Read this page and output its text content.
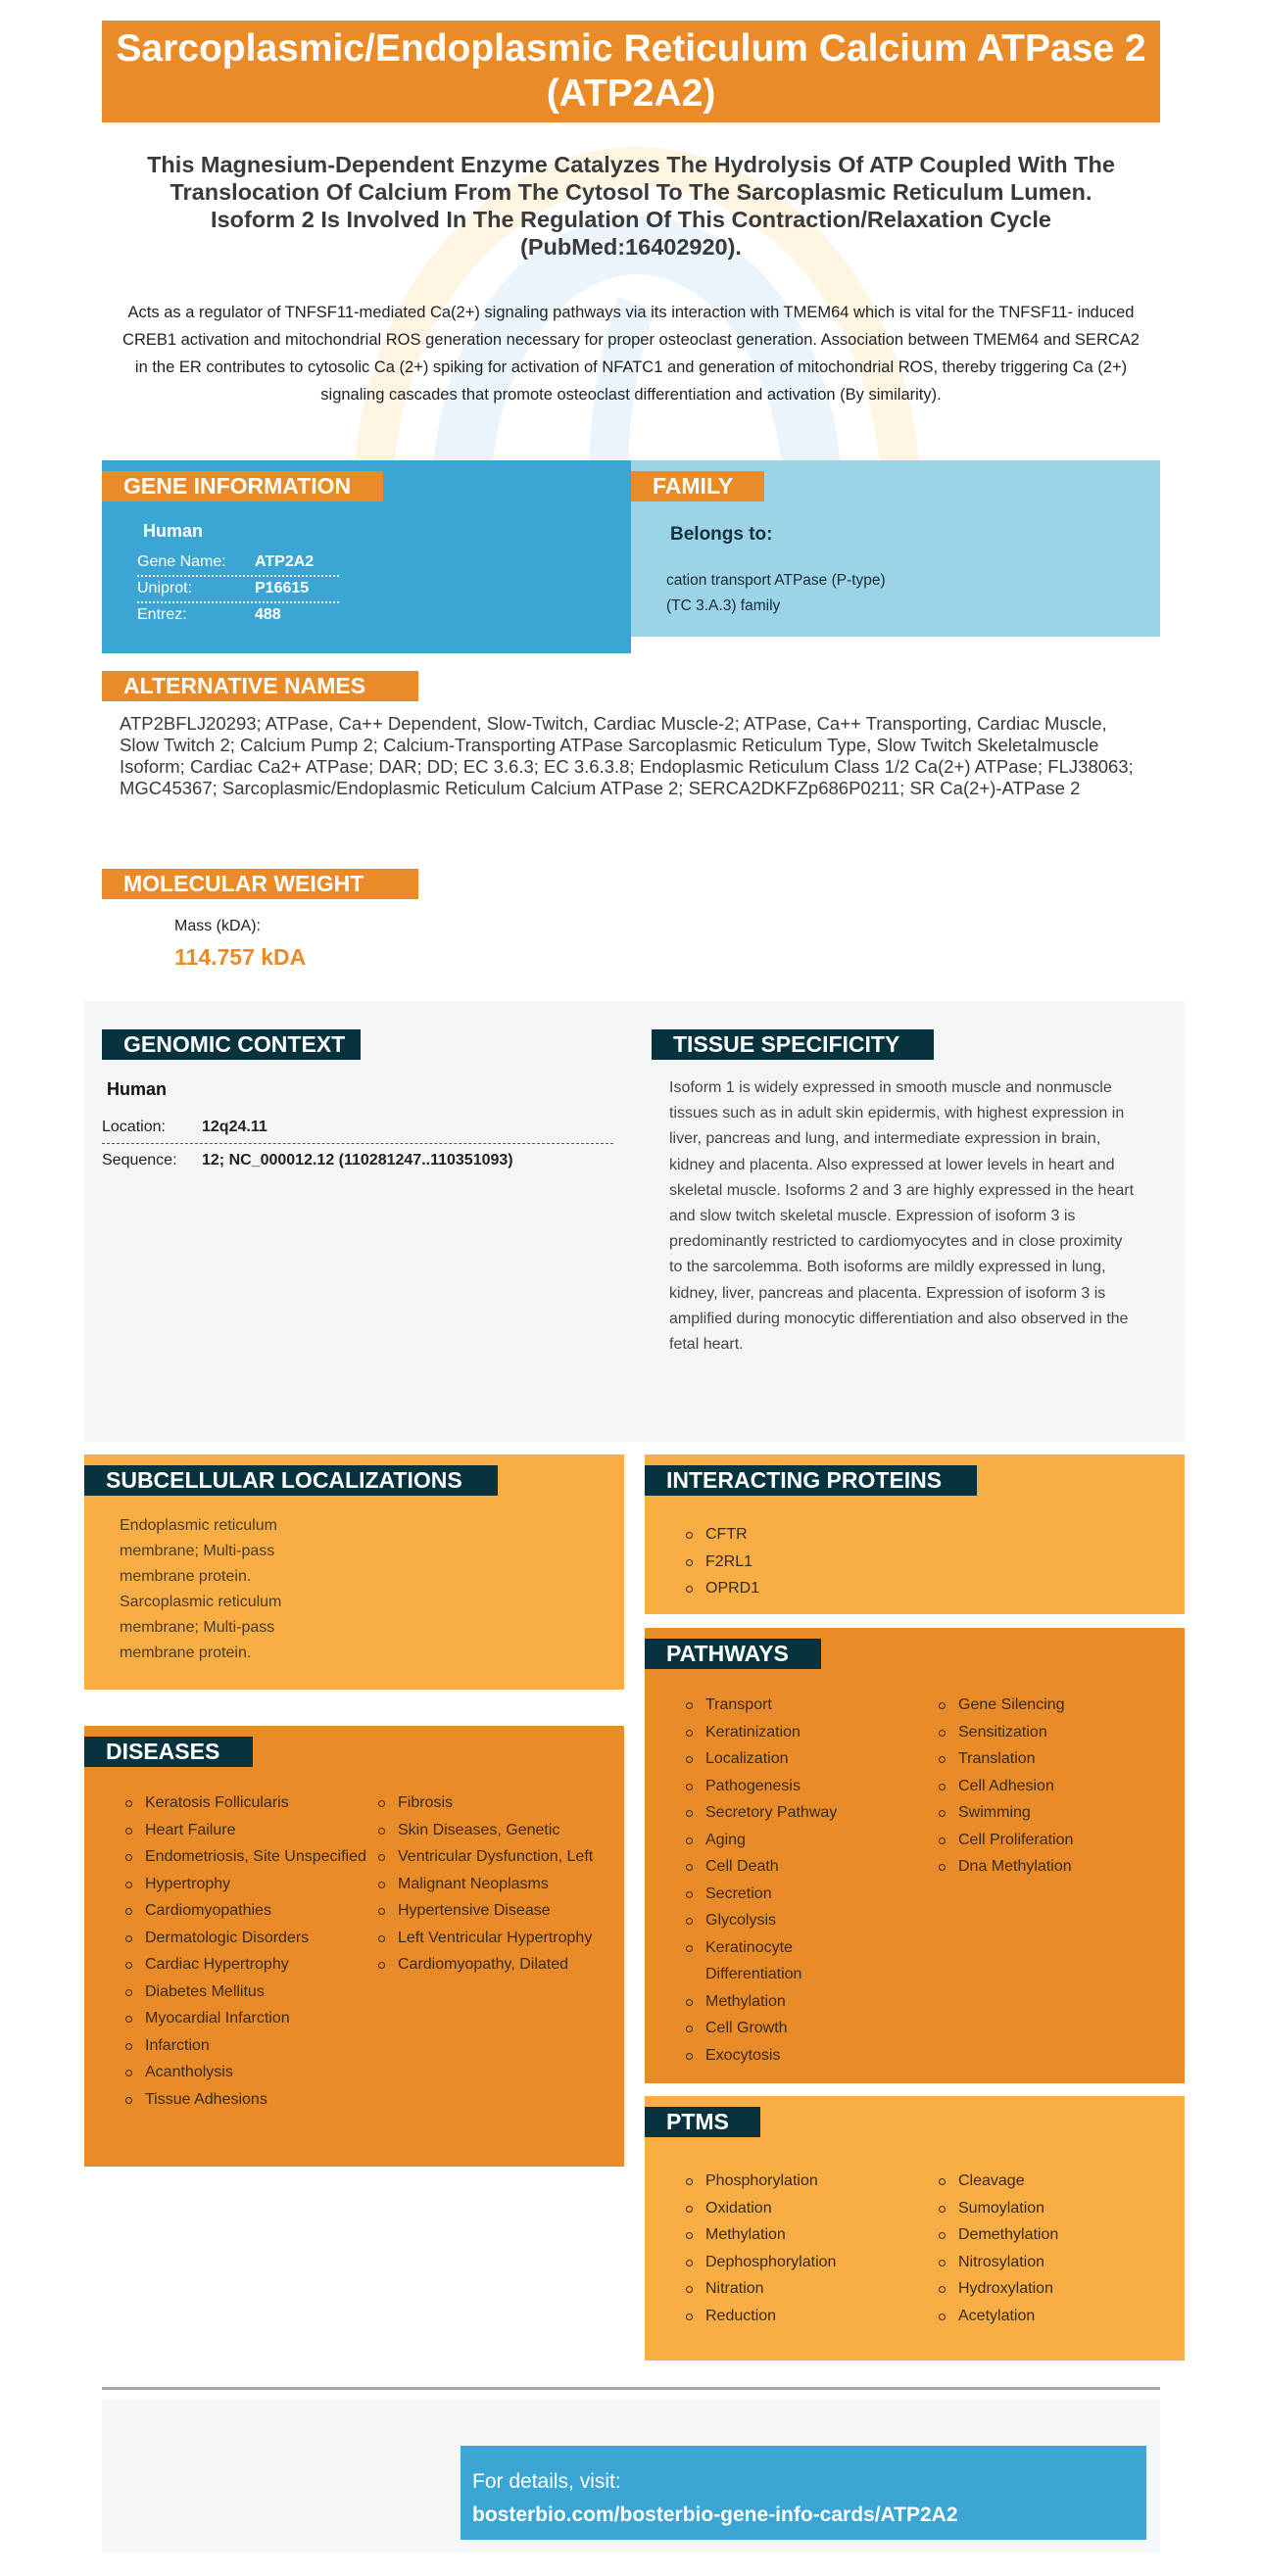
Sarcoplasmic/Endoplasmic Reticulum Calcium ATPase 2 (ATP2A2)
This Magnesium-Dependent Enzyme Catalyzes The Hydrolysis Of ATP Coupled With The Translocation Of Calcium From The Cytosol To The Sarcoplasmic Reticulum Lumen. Isoform 2 Is Involved In The Regulation Of This Contraction/Relaxation Cycle (PubMed:16402920).
Acts as a regulator of TNFSF11-mediated Ca(2+) signaling pathways via its interaction with TMEM64 which is vital for the TNFSF11- induced CREB1 activation and mitochondrial ROS generation necessary for proper osteoclast generation. Association between TMEM64 and SERCA2 in the ER contributes to cytosolic Ca (2+) spiking for activation of NFATC1 and generation of mitochondrial ROS, thereby triggering Ca (2+) signaling cascades that promote osteoclast differentiation and activation (By similarity).
GENE INFORMATION
Human
Gene Name:	ATP2A2
Uniprot:	P16615
Entrez:	488
FAMILY
Belongs to:
cation transport ATPase (P-type) (TC 3.A.3) family
ALTERNATIVE NAMES
ATP2BFLJ20293; ATPase, Ca++ Dependent, Slow-Twitch, Cardiac Muscle-2; ATPase, Ca++ Transporting, Cardiac Muscle, Slow Twitch 2; Calcium Pump 2; Calcium-Transporting ATPase Sarcoplasmic Reticulum Type, Slow Twitch Skeletalmuscle Isoform; Cardiac Ca2+ ATPase; DAR; DD; EC 3.6.3; EC 3.6.3.8; Endoplasmic Reticulum Class 1/2 Ca(2+) ATPase; FLJ38063; MGC45367; Sarcoplasmic/Endoplasmic Reticulum Calcium ATPase 2; SERCA2DKFZp686P0211; SR Ca(2+)-ATPase 2
MOLECULAR WEIGHT
Mass (kDA):
114.757 kDA
GENOMIC CONTEXT
Human
Location:	12q24.11
Sequence:	12; NC_000012.12 (110281247..110351093)
TISSUE SPECIFICITY
Isoform 1 is widely expressed in smooth muscle and nonmuscle tissues such as in adult skin epidermis, with highest expression in liver, pancreas and lung, and intermediate expression in brain, kidney and placenta. Also expressed at lower levels in heart and skeletal muscle. Isoforms 2 and 3 are highly expressed in the heart and slow twitch skeletal muscle. Expression of isoform 3 is predominantly restricted to cardiomyocytes and in close proximity to the sarcolemma. Both isoforms are mildly expressed in lung, kidney, liver, pancreas and placenta. Expression of isoform 3 is amplified during monocytic differentiation and also observed in the fetal heart.
SUBCELLULAR LOCALIZATIONS
Endoplasmic reticulum membrane; Multi-pass membrane protein. Sarcoplasmic reticulum membrane; Multi-pass membrane protein.
DISEASES
Keratosis Follicularis
Heart Failure
Endometriosis, Site Unspecified
Hypertrophy
Cardiomyopathies
Dermatologic Disorders
Cardiac Hypertrophy
Diabetes Mellitus
Myocardial Infarction
Infarction
Acantholysis
Tissue Adhesions
Fibrosis
Skin Diseases, Genetic
Ventricular Dysfunction, Left
Malignant Neoplasms
Hypertensive Disease
Left Ventricular Hypertrophy
Cardiomyopathy, Dilated
INTERACTING PROTEINS
CFTR
F2RL1
OPRD1
PATHWAYS
Transport
Keratinization
Localization
Pathogenesis
Secretory Pathway
Aging
Cell Death
Secretion
Glycolysis
Keratinocyte Differentiation
Methylation
Cell Growth
Exocytosis
Gene Silencing
Sensitization
Translation
Cell Adhesion
Swimming
Cell Proliferation
Dna Methylation
PTMS
Phosphorylation
Oxidation
Methylation
Dephosphorylation
Nitration
Reduction
Cleavage
Sumoylation
Demethylation
Nitrosylation
Hydroxylation
Acetylation
For details, visit:
bosterbio.com/bosterbio-gene-info-cards/ATP2A2
